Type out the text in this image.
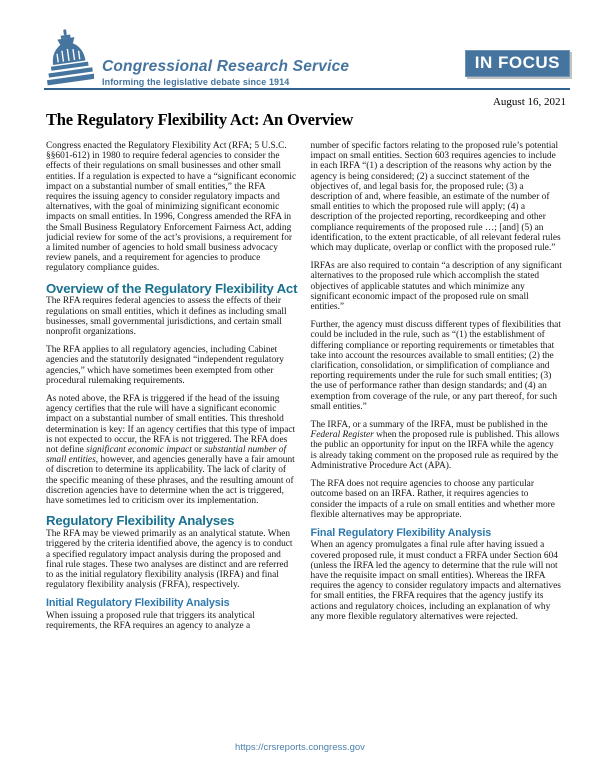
Congressional Research Service
Informing the legislative debate since 1914
IN FOCUS
August 16, 2021
The Regulatory Flexibility Act: An Overview

Congress enacted the Regulatory Flexibility Act (RFA; 5 U.S.C. §§601-612) in 1980 to require federal agencies to consider the effects of their regulations on small businesses and other small entities. If a regulation is expected to have a “significant economic impact on a substantial number of small entities,” the RFA requires the issuing agency to consider regulatory impacts and alternatives, with the goal of minimizing significant economic impacts on small entities. In 1996, Congress amended the RFA in the Small Business Regulatory Enforcement Fairness Act, adding judicial review for some of the act’s provisions, a requirement for a limited number of agencies to hold small business advocacy review panels, and a requirement for agencies to produce regulatory compliance guides.

Overview of the Regulatory Flexibility Act

The RFA requires federal agencies to assess the effects of their regulations on small entities, which it defines as including small businesses, small governmental jurisdictions, and certain small nonprofit organizations.

The RFA applies to all regulatory agencies, including Cabinet agencies and the statutorily designated “independent regulatory agencies,” which have sometimes been exempted from other procedural rulemaking requirements.

As noted above, the RFA is triggered if the head of the issuing agency certifies that the rule will have a significant economic impact on a substantial number of small entities. This threshold determination is key: If an agency certifies that this type of impact is not expected to occur, the RFA is not triggered. The RFA does not define significant economic impact or substantial number of small entities, however, and agencies generally have a fair amount of discretion to determine its applicability. The lack of clarity of the specific meaning of these phrases, and the resulting amount of discretion agencies have to determine when the act is triggered, have sometimes led to criticism over its implementation.

Regulatory Flexibility Analyses

The RFA may be viewed primarily as an analytical statute. When triggered by the criteria identified above, the agency is to conduct a specified regulatory impact analysis during the proposed and final rule stages. These two analyses are distinct and are referred to as the initial regulatory flexibility analysis (IRFA) and final regulatory flexibility analysis (FRFA), respectively.

Initial Regulatory Flexibility Analysis

When issuing a proposed rule that triggers its analytical requirements, the RFA requires an agency to analyze a

number of specific factors relating to the proposed rule’s potential impact on small entities. Section 603 requires agencies to include in each IRFA “(1) a description of the reasons why action by the agency is being considered; (2) a succinct statement of the objectives of, and legal basis for, the proposed rule; (3) a description of and, where feasible, an estimate of the number of small entities to which the proposed rule will apply; (4) a description of the projected reporting, recordkeeping and other compliance requirements of the proposed rule …; [and] (5) an identification, to the extent practicable, of all relevant federal rules which may duplicate, overlap or conflict with the proposed rule.”

IRFAs are also required to contain “a description of any significant alternatives to the proposed rule which accomplish the stated objectives of applicable statutes and which minimize any significant economic impact of the proposed rule on small entities.”

Further, the agency must discuss different types of flexibilities that could be included in the rule, such as “(1) the establishment of differing compliance or reporting requirements or timetables that take into account the resources available to small entities; (2) the clarification, consolidation, or simplification of compliance and reporting requirements under the rule for such small entities; (3) the use of performance rather than design standards; and (4) an exemption from coverage of the rule, or any part thereof, for such small entities.”

The IRFA, or a summary of the IRFA, must be published in the Federal Register when the proposed rule is published. This allows the public an opportunity for input on the IRFA while the agency is already taking comment on the proposed rule as required by the Administrative Procedure Act (APA).

The RFA does not require agencies to choose any particular outcome based on an IRFA. Rather, it requires agencies to consider the impacts of a rule on small entities and whether more flexible alternatives may be appropriate.

Final Regulatory Flexibility Analysis

When an agency promulgates a final rule after having issued a covered proposed rule, it must conduct a FRFA under Section 604 (unless the IRFA led the agency to determine that the rule will not have the requisite impact on small entities). Whereas the IRFA requires the agency to consider regulatory impacts and alternatives for small entities, the FRFA requires that the agency justify its actions and regulatory choices, including an explanation of why any more flexible regulatory alternatives were rejected.

https://crsreports.congress.gov
